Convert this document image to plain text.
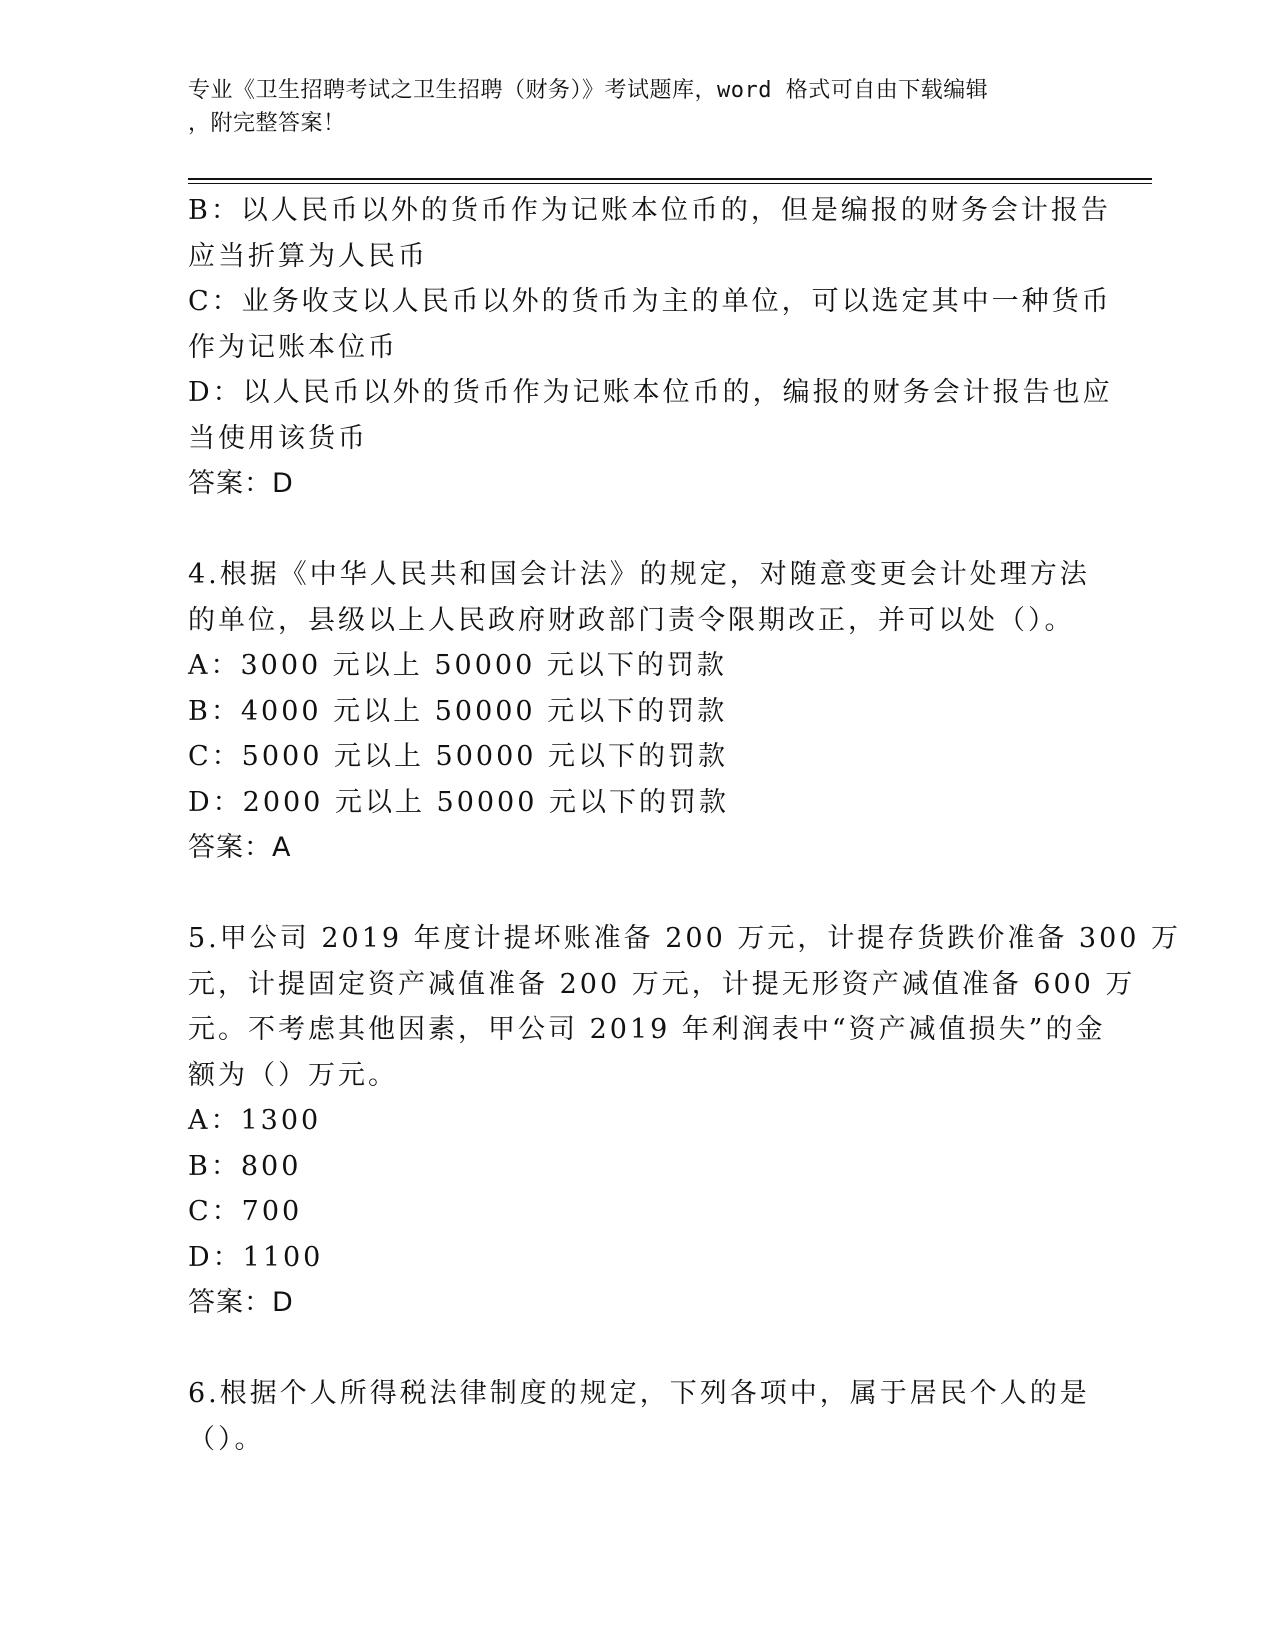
专业《卫生招聘考试之卫生招聘（财务）》考试题库，word 格式可自由下载编辑
，附完整答案！
B：以人民币以外的货币作为记账本位币的，但是编报的财务会计报告
应当折算为人民币
C：业务收支以人民币以外的货币为主的单位，可以选定其中一种货币
作为记账本位币
D：以人民币以外的货币作为记账本位币的，编报的财务会计报告也应
当使用该货币
答案：D
4.根据《中华人民共和国会计法》的规定，对随意变更会计处理方法
的单位，县级以上人民政府财政部门责令限期改正，并可以处（）。
A：3000 元以上 50000 元以下的罚款
B：4000 元以上 50000 元以下的罚款
C：5000 元以上 50000 元以下的罚款
D：2000 元以上 50000 元以下的罚款
答案：A
5.甲公司 2019 年度计提坏账准备 200 万元，计提存货跌价准备 300 万
元，计提固定资产减值准备 200 万元，计提无形资产减值准备 600 万
元。不考虑其他因素，甲公司 2019 年利润表中“资产减值损失”的金
额为（）万元。
A：1300
B：800
C：700
D：1100
答案：D
6.根据个人所得税法律制度的规定，下列各项中，属于居民个人的是
（）。
